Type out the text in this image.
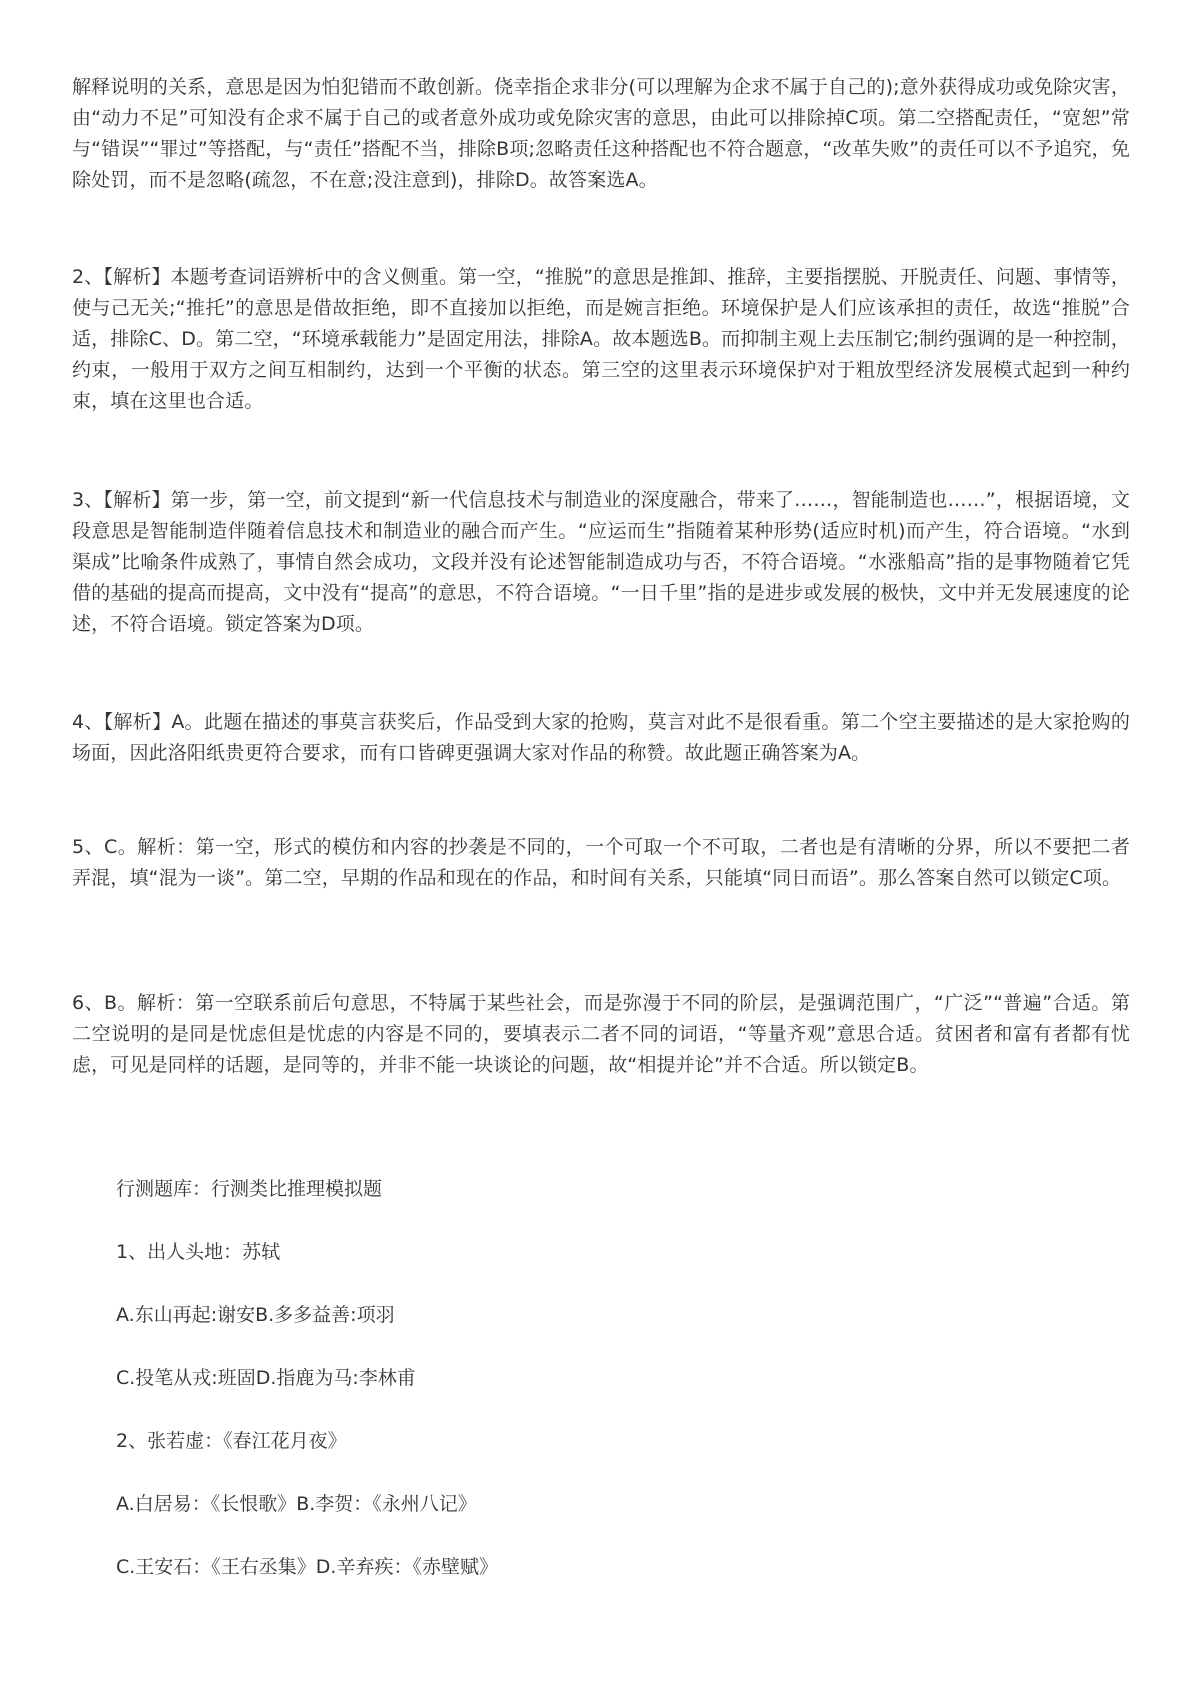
解释说明的关系，意思是因为怕犯错而不敢创新。侥幸指企求非分(可以理解为企求不属于自己的);意外获得成功或免除灾害，由“动力不足”可知没有企求不属于自己的或者意外成功或免除灾害的意思，由此可以排除掉C项。第二空搭配责任，“宽恕”常与“错误”“罪过”等搭配，与“责任”搭配不当，排除B项;忽略责任这种搭配也不符合题意，“改革失败”的责任可以不予追究，免除处罚，而不是忽略(疏忽，不在意;没注意到)，排除D。故答案选A。

2、【解析】本题考查词语辨析中的含义侧重。第一空，“推脱”的意思是推卸、推辞，主要指摆脱、开脱责任、问题、事情等，使与己无关;“推托”的意思是借故拒绝，即不直接加以拒绝，而是婉言拒绝。环境保护是人们应该承担的责任，故选“推脱”合适，排除C、D。第二空，“环境承载能力”是固定用法，排除A。故本题选B。而抑制主观上去压制它;制约强调的是一种控制，约束，一般用于双方之间互相制约，达到一个平衡的状态。第三空的这里表示环境保护对于粗放型经济发展模式起到一种约束，填在这里也合适。

3、【解析】第一步，第一空，前文提到“新一代信息技术与制造业的深度融合，带来了……，智能制造也……”，根据语境，文段意思是智能制造伴随着信息技术和制造业的融合而产生。“应运而生”指随着某种形势(适应时机)而产生，符合语境。“水到渠成”比喻条件成熟了，事情自然会成功，文段并没有论述智能制造成功与否，不符合语境。“水涨船高”指的是事物随着它凭借的基础的提高而提高，文中没有“提高”的意思，不符合语境。“一日千里”指的是进步或发展的极快，文中并无发展速度的论述，不符合语境。锁定答案为D项。

4、【解析】A。此题在描述的事莫言获奖后，作品受到大家的抢购，莫言对此不是很看重。第二个空主要描述的是大家抢购的场面，因此洛阳纸贵更符合要求，而有口皆碑更强调大家对作品的称赞。故此题正确答案为A。

5、C。解析：第一空，形式的模仿和内容的抄袭是不同的，一个可取一个不可取，二者也是有清晰的分界，所以不要把二者弄混，填“混为一谈”。第二空，早期的作品和现在的作品，和时间有关系，只能填“同日而语”。那么答案自然可以锁定C项。

6、B。解析：第一空联系前后句意思，不特属于某些社会，而是弥漫于不同的阶层，是强调范围广，“广泛”“普遍”合适。第二空说明的是同是忧虑但是忧虑的内容是不同的，要填表示二者不同的词语，“等量齐观”意思合适。贫困者和富有者都有忧虑，可见是同样的话题，是同等的，并非不能一块谈论的问题，故“相提并论”并不合适。所以锁定B。

行测题库：行测类比推理模拟题

1、出人头地：苏轼

A.东山再起:谢安B.多多益善:项羽

C.投笔从戎:班固D.指鹿为马:李林甫

2、张若虚：《春江花月夜》

A.白居易：《长恨歌》B.李贺：《永州八记》

C.王安石：《王右丞集》D.辛弃疾：《赤壁赋》
